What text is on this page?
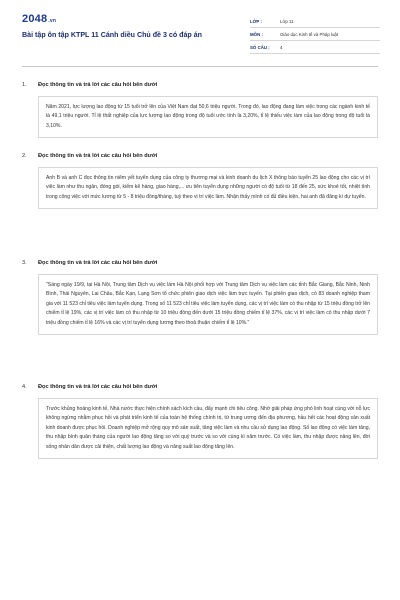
2048.vn
Bài tập ôn tập KTPL 11 Cánh diều Chủ đề 3 có đáp án
LỚP :	Lớp 11
MÔN :	Giáo dục Kinh tế và Pháp luật
SỐ CÂU :	4
1.	Đọc thông tin và trả lời các câu hỏi bên dưới
Năm 2021, lực lượng lao động từ 15 tuổi trở lên của Việt Nam đạt 50,6 triệu người. Trong đó, lao động đang làm việc trong các ngành kinh tế là 49,1 triệu người. Tỉ lệ thất nghiệp của lực lượng lao động trong độ tuổi ước tính là 3,20%, tỉ lệ thiếu việc làm của lao động trong độ tuổi là 3,10%.
2.	Đọc thông tin và trả lời các câu hỏi bên dưới
Anh B và anh C đọc thông tin niêm yết tuyển dụng của công ty thương mại và kinh doanh du lịch X thông báo tuyển 25 lao động cho các vị trí việc làm như thu ngân, đóng gói, kiểm kê hàng, giao hàng,... ưu tiên tuyển dụng những người có độ tuổi từ 18 đến 25, sức khoẻ tốt, nhiệt tình trong công việc với mức lương từ 5 - 8 triệu đồng/tháng, tuỳ theo vị trí việc làm. Nhận thấy mình có đủ điều kiện, hai anh đã đăng kí dự tuyển.
3.	Đọc thông tin và trả lời các câu hỏi bên dưới
"Sáng ngày 19/9, tại Hà Nội, Trung tâm Dịch vụ việc làm Hà Nội phối hợp với Trung tâm Dịch vụ việc làm các tỉnh Bắc Giang, Bắc Ninh, Ninh Bình, Thái Nguyên, Lai Châu, Bắc Kạn, Lạng Sơn tổ chức phiên giao dịch việc làm trực tuyến. Tại phiên giao dịch, có 83 doanh nghiệp tham gia với 11 523 chỉ tiêu việc làm tuyển dụng. Trong số 11 523 chỉ tiêu việc làm tuyển dụng, các vị trí việc làm có thu nhập từ 15 triệu đồng trở lên chiếm tỉ lệ 19%, các vị trí việc làm có thu nhập từ 10 triệu đồng đến dưới 15 triệu đồng chiếm tỉ lệ 37%, các vị trí việc làm có thu nhập dưới 7 triệu đồng chiếm tỉ lệ 16% và các vị trí tuyển dụng lương theo thoả thuận chiếm tỉ lệ 10%."
4.	Đọc thông tin và trả lời các câu hỏi bên dưới
Trước khủng hoảng kinh tế, Nhà nước thực hiện chính sách kích cầu, đẩy mạnh chi tiêu công. Nhờ giải pháp ứng phó linh hoạt cùng với nỗ lực không ngừng nhằm phục hồi và phát triển kinh tế của toàn hệ thống chính trị, từ trung ương đến địa phương, hầu hết các hoạt động sản xuất kinh doanh được phục hồi. Doanh nghiệp mở rộng quy mô sản xuất, tăng việc làm và nhu cầu sử dụng lao động. Số lao động có việc làm tăng, thu nhập bình quân tháng của người lao động tăng so với quý trước và so với cùng kì năm trước. Có việc làm, thu nhập được nâng lên, đời sống nhân dân được cải thiện, chất lượng lao động và năng suất lao động tăng lên.
